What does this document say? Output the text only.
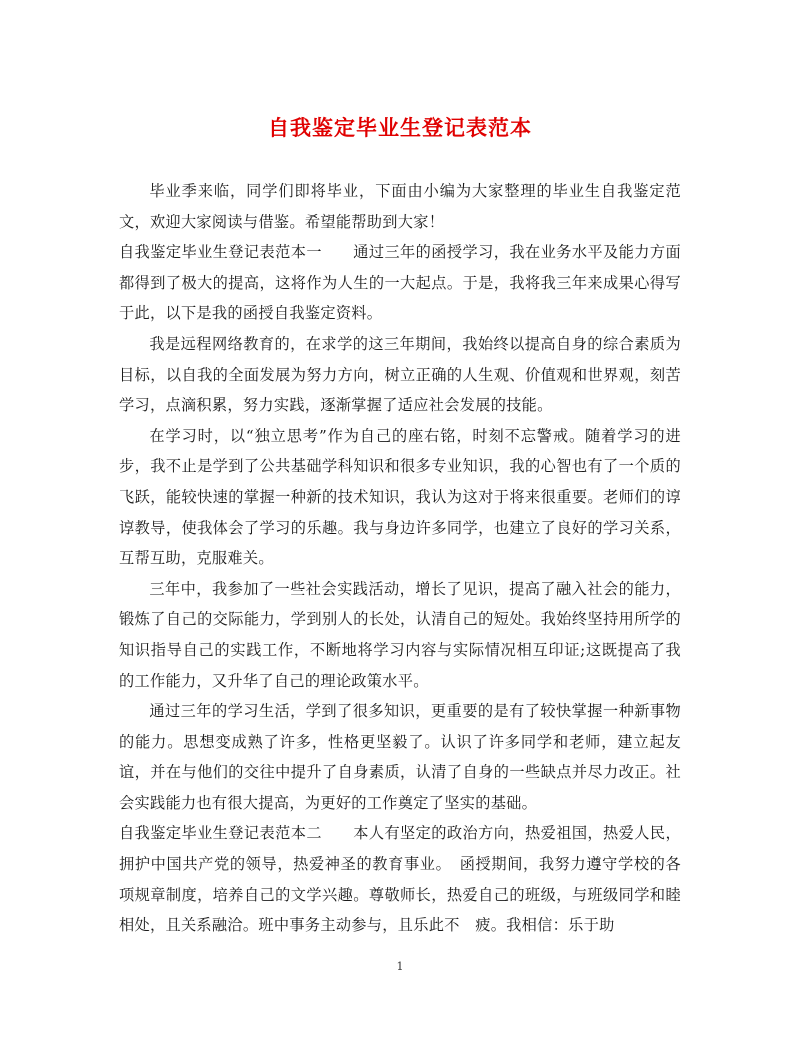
自我鉴定毕业生登记表范本

毕业季来临，同学们即将毕业，下面由小编为大家整理的毕业生自我鉴定范文，欢迎大家阅读与借鉴。希望能帮助到大家！

自我鉴定毕业生登记表范本一　　通过三年的函授学习，我在业务水平及能力方面都得到了极大的提高，这将作为人生的一大起点。于是，我将我三年来成果心得写于此，以下是我的函授自我鉴定资料。

我是远程网络教育的，在求学的这三年期间，我始终以提高自身的综合素质为目标，以自我的全面发展为努力方向，树立正确的人生观、价值观和世界观，刻苦学习，点滴积累，努力实践，逐渐掌握了适应社会发展的技能。

在学习时，以“独立思考”作为自己的座右铭，时刻不忘警戒。随着学习的进步，我不止是学到了公共基础学科知识和很多专业知识，我的心智也有了一个质的飞跃，能较快速的掌握一种新的技术知识，我认为这对于将来很重要。老师们的谆谆教导，使我体会了学习的乐趣。我与身边许多同学，也建立了良好的学习关系，互帮互助，克服难关。

三年中，我参加了一些社会实践活动，增长了见识，提高了融入社会的能力，锻炼了自己的交际能力，学到别人的长处，认清自己的短处。我始终坚持用所学的知识指导自己的实践工作，不断地将学习内容与实际情况相互印证;这既提高了我的工作能力，又升华了自己的理论政策水平。

通过三年的学习生活，学到了很多知识，更重要的是有了较快掌握一种新事物的能力。思想变成熟了许多，性格更坚毅了。认识了许多同学和老师，建立起友谊，并在与他们的交往中提升了自身素质，认清了自身的一些缺点并尽力改正。社会实践能力也有很大提高，为更好的工作奠定了坚实的基础。

自我鉴定毕业生登记表范本二　　本人有坚定的政治方向，热爱祖国，热爱人民，拥护中国共产党的领导，热爱神圣的教育事业。　函授期间，我努力遵守学校的各项规章制度，培养自己的文学兴趣。尊敬师长，热爱自己的班级，与班级同学和睦相处，且关系融洽。班中事务主动参与，且乐此不　疲。我相信：乐于助

1
